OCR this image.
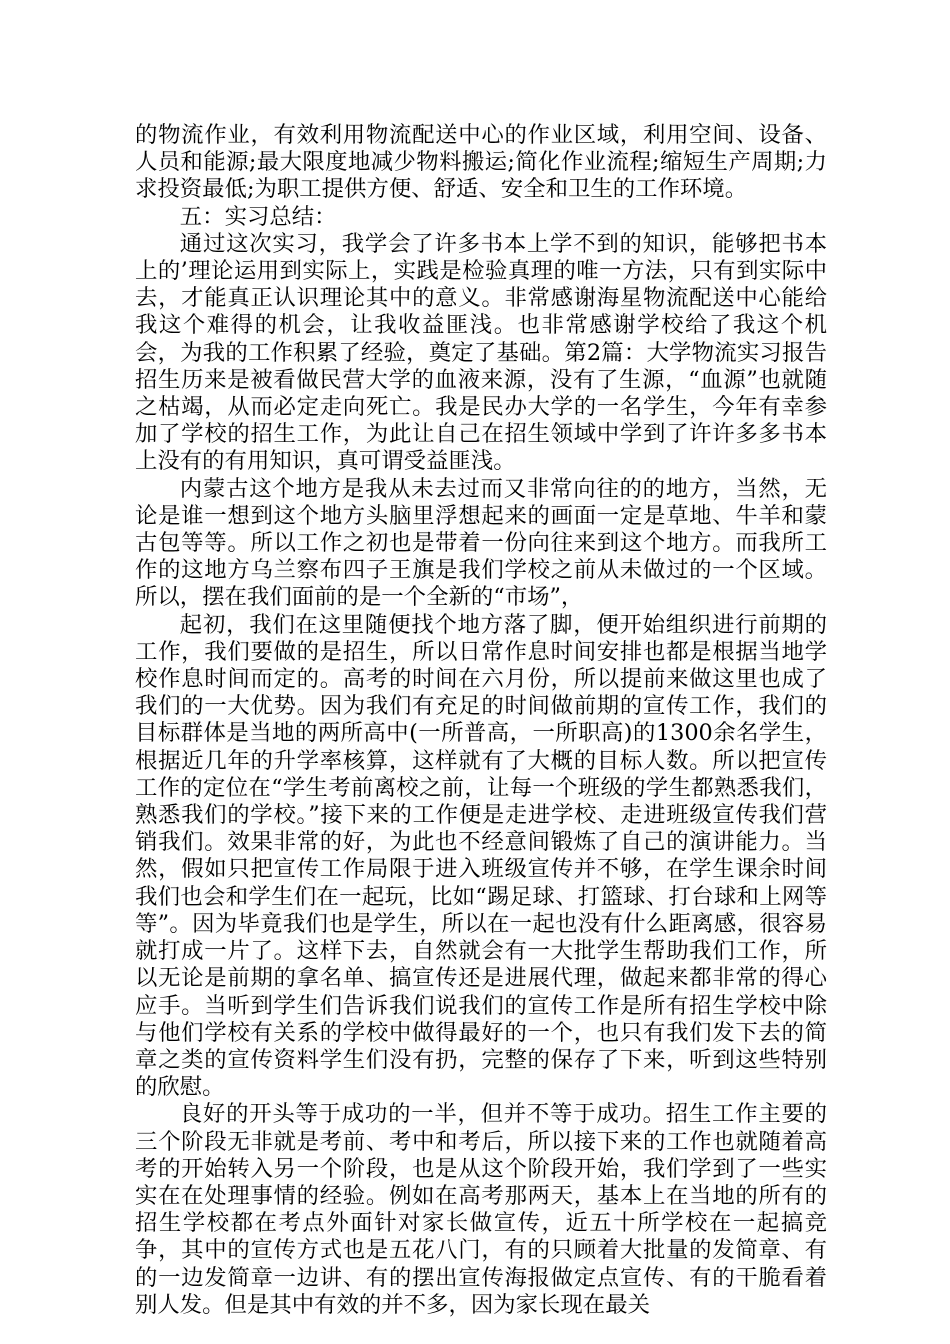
的物流作业，有效利用物流配送中心的作业区域，利用空间、设备、人员和能源;最大限度地减少物料搬运;简化作业流程;缩短生产周期;力求投资最低;为职工提供方便、舒适、安全和卫生的工作环境。

五：实习总结：

通过这次实习，我学会了许多书本上学不到的知识，能够把书本上的’理论运用到实际上，实践是检验真理的唯一方法，只有到实际中去，才能真正认识理论其中的意义。非常感谢海星物流配送中心能给我这个难得的机会，让我收益匪浅。也非常感谢学校给了我这个机会，为我的工作积累了经验，奠定了基础。第2篇：大学物流实习报告招生历来是被看做民营大学的血液来源，没有了生源，“血源”也就随之枯竭，从而必定走向死亡。我是民办大学的一名学生，今年有幸参加了学校的招生工作，为此让自己在招生领域中学到了许许多多书本上没有的有用知识，真可谓受益匪浅。

内蒙古这个地方是我从未去过而又非常向往的的地方，当然，无论是谁一想到这个地方头脑里浮想起来的画面一定是草地、牛羊和蒙古包等等。所以工作之初也是带着一份向往来到这个地方。而我所工作的这地方乌兰察布四子王旗是我们学校之前从未做过的一个区域。所以，摆在我们面前的是一个全新的“市场”，

起初，我们在这里随便找个地方落了脚，便开始组织进行前期的工作，我们要做的是招生，所以日常作息时间安排也都是根据当地学校作息时间而定的。高考的时间在六月份，所以提前来做这里也成了我们的一大优势。因为我们有充足的时间做前期的宣传工作，我们的目标群体是当地的两所高中(一所普高，一所职高)的1300余名学生，根据近几年的升学率核算，这样就有了大概的目标人数。所以把宣传工作的定位在“学生考前离校之前，让每一个班级的学生都熟悉我们，熟悉我们的学校。”接下来的工作便是走进学校、走进班级宣传我们营销我们。效果非常的好，为此也不经意间锻炼了自己的演讲能力。当然，假如只把宣传工作局限于进入班级宣传并不够，在学生课余时间我们也会和学生们在一起玩，比如“踢足球、打篮球、打台球和上网等等”。因为毕竟我们也是学生，所以在一起也没有什么距离感，很容易就打成一片了。这样下去，自然就会有一大批学生帮助我们工作，所以无论是前期的拿名单、搞宣传还是进展代理，做起来都非常的得心应手。当听到学生们告诉我们说我们的宣传工作是所有招生学校中除与他们学校有关系的学校中做得最好的一个，也只有我们发下去的简章之类的宣传资料学生们没有扔，完整的保存了下来，听到这些特别的欣慰。

良好的开头等于成功的一半，但并不等于成功。招生工作主要的三个阶段无非就是考前、考中和考后，所以接下来的工作也就随着高考的开始转入另一个阶段，也是从这个阶段开始，我们学到了一些实实在在处理事情的经验。例如在高考那两天，基本上在当地的所有的招生学校都在考点外面针对家长做宣传，近五十所学校在一起搞竞争，其中的宣传方式也是五花八门，有的只顾着大批量的发简章、有的一边发简章一边讲、有的摆出宣传海报做定点宣传、有的干脆看着别人发。但是其中有效的并不多，因为家长现在最关
